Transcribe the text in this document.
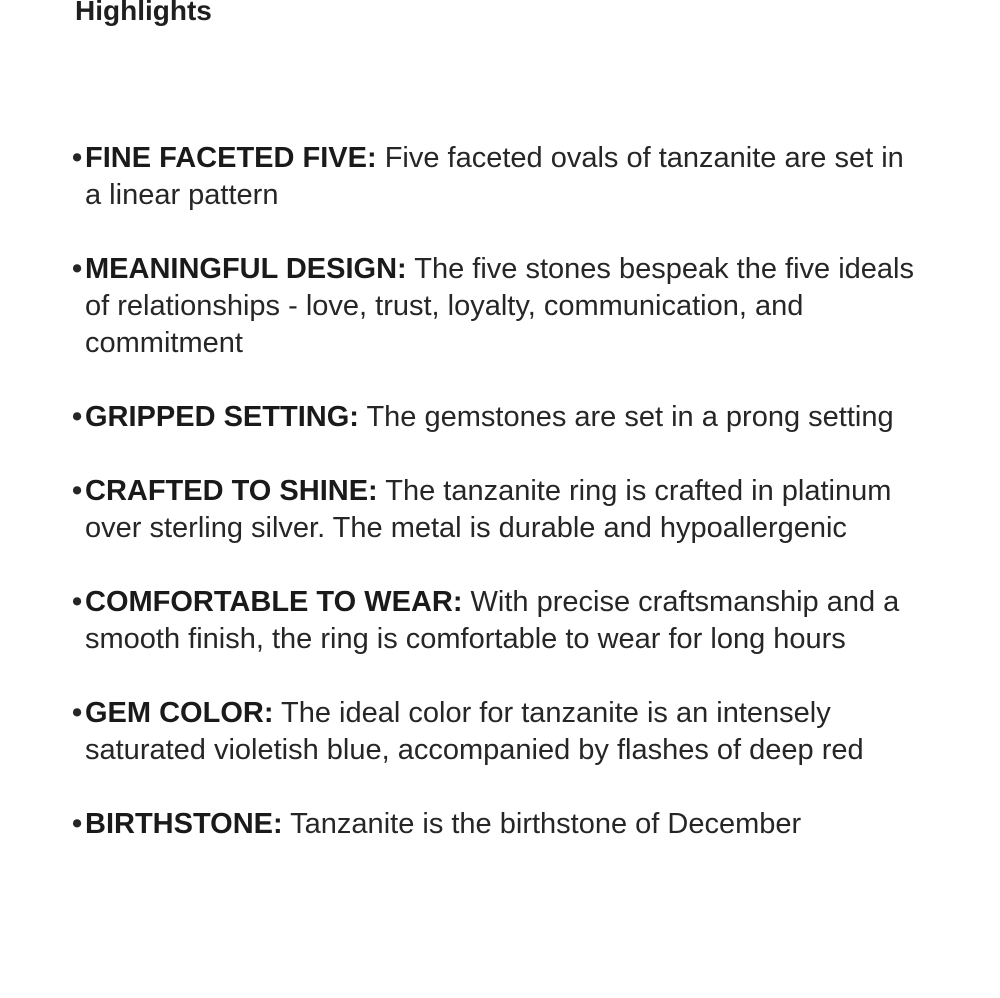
Highlights
• FINE FACETED FIVE: Five faceted ovals of tanzanite are set in a linear pattern
• MEANINGFUL DESIGN: The five stones bespeak the five ideals of relationships - love, trust, loyalty, communication, and commitment
• GRIPPED SETTING: The gemstones are set in a prong setting
• CRAFTED TO SHINE: The tanzanite ring is crafted in platinum over sterling silver. The metal is durable and hypoallergenic
• COMFORTABLE TO WEAR: With precise craftsmanship and a smooth finish, the ring is comfortable to wear for long hours
• GEM COLOR: The ideal color for tanzanite is an intensely saturated violetish blue, accompanied by flashes of deep red
• BIRTHSTONE: Tanzanite is the birthstone of December
